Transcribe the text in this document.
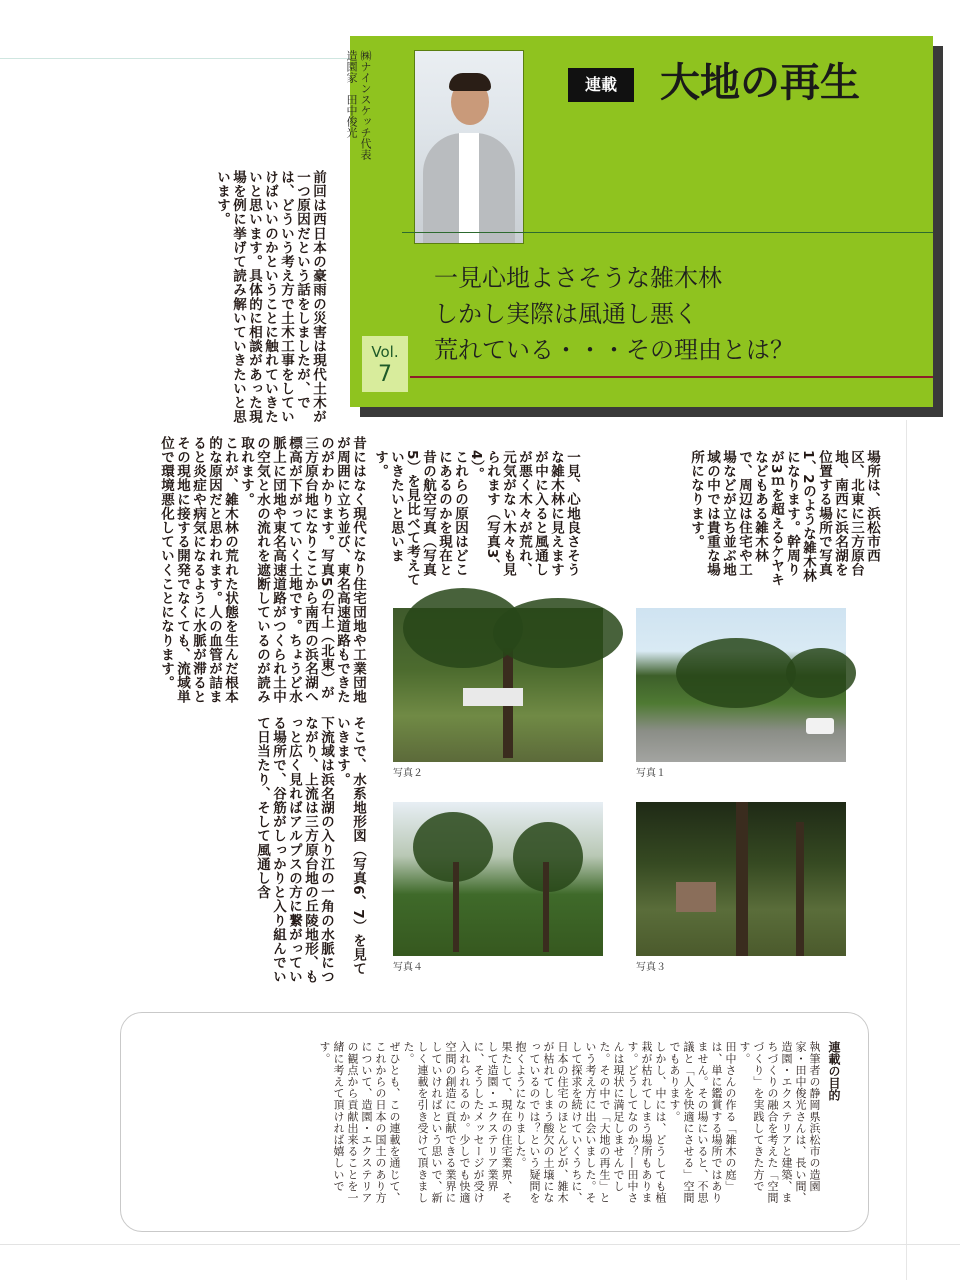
造園家　田中俊光 ㈱ナインスケッチ代表	連載	大地の再生
一見心地よさそうな雑木林
しかし実際は風通し悪く
荒れている・・・その理由とは？
Vol.
7

前回は西日本の豪雨の災害は現代土木が一つ原因だという話をしましたが、では、どういう考え方で土木工事をしていけばいいのかということに触れていきたいと思います。具体的に相談があった現場を例に挙げて読み解いていきたいと思います。

場所は、浜松市西区、北東に三方原台地、南西に浜名湖を位置する場所で写真1、2のような雑木林になります。幹周りが3ｍを超えるケヤキなどもある雑木林で、周辺は住宅や工場などが立ち並ぶ地域の中では貴重な場所になります。

一見、心地良さそうな雑木林に見えますが中に入ると風通しが悪く木々が荒れ、元気がない木々も見られます（写真3、4）。

これらの原因はどこにあるのかを現在と昔の航空写真（写真5）を見比べて考えていきたいと思います。

昔にはなく現代になり住宅団地や工業団地が周囲に立ち並び、東名高速道路もできたのがわかります。写真5の右上（北東）が三方原台地になりここから南西の浜名湖へ標高が下がっていく土地です。ちょうど水脈上に団地や東名高速道路がつくられ土中の空気と水の流れを遮断しているのが読み取れます。

これが、雑木林の荒れた状態を生んだ根本的な原因だと思われます。人の血管が詰まると炎症や病気になるように水脈が滞るとその現地に接する開発でなくても、流域単位で環境悪化していくことになります。

そこで、水系地形図（写真6、7）を見ていきます。

下流域は浜名湖の入り江の一角の水脈につながり、上流は三方原台地の丘陵地形、もっと広く見ればアルプスの方に繋がっている場所で、谷筋がしっかりと入り組んでいて日当たり、そして風通し含	写真２	写真１
写真４	写真３
連載の目的

執筆者の静岡県浜松市の造園家・田中俊光さんは、長い間、造園・エクステリアと建築、まちづくりの融合を考えた「空間づくり」を実践してきた方です。

田中さんの作る「雑木の庭」は、単に鑑賞する場所ではありません。その場にいると、不思議と「人を快適にさせる」空間でもあります。

しかし、中には、どうしても植栽が枯れてしまう場所もあります。どうしてなのか？―田中さんは現状に満足しませんでした。その中で「大地の再生」という考え方に出会いました。そして探求を続けていくうちに、日本の住宅のほとんどが、雑木が枯れてしまう酸欠の土壌になっているのでは？という疑問を抱くようになりました。

果たして、現在の住宅業界、そして造園・エクステリア業界に、そうしたメッセージが受け入れられるのか。少しでも快適空間の創造に貢献できる業界にしていければという思いで、新しく連載を引き受けて頂きました。

ぜひとも、この連載を通じて、これからの日本の国土のあり方について、造園・エクステリアの観点から貢献出来ることを一緒に考えて頂ければ嬉しいです。
